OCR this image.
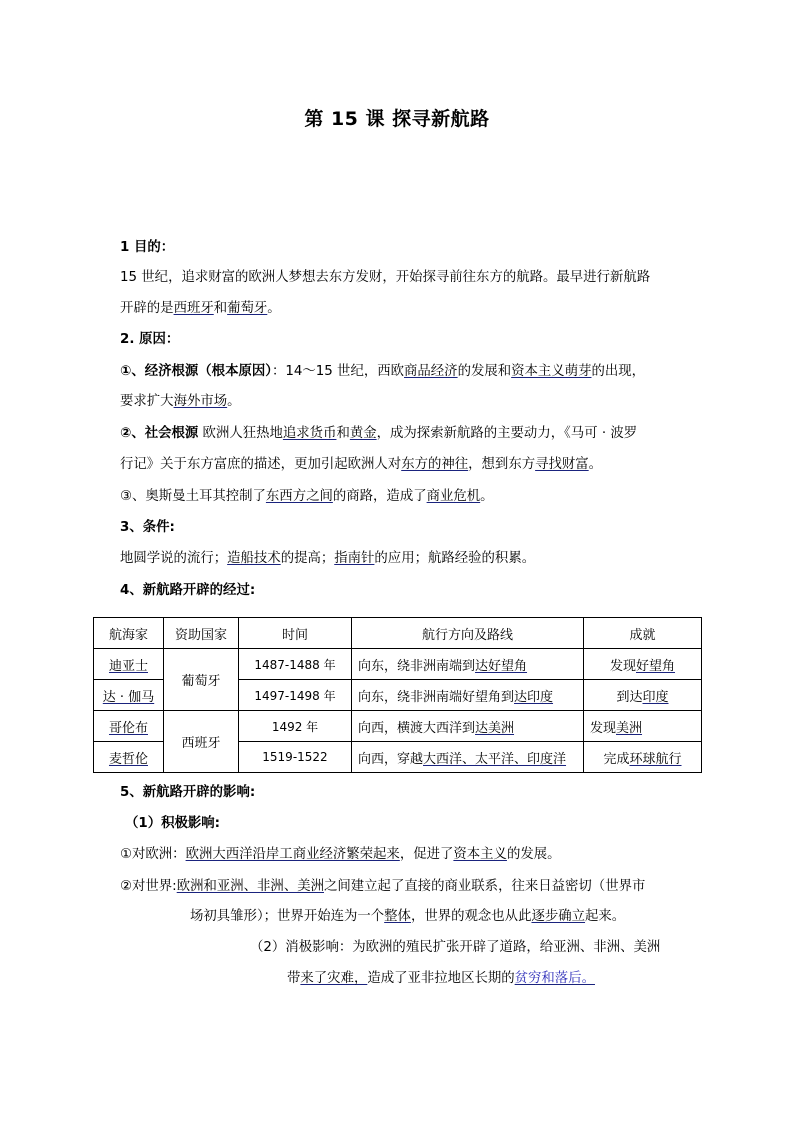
第 15 课 探寻新航路
1 目的：
15 世纪，追求财富的欧洲人梦想去东方发财，开始探寻前往东方的航路。最早进行新航路
开辟的是西班牙和葡萄牙。
2. 原因：
①、经济根源（根本原因）：14～15 世纪，西欧商品经济的发展和资本主义萌芽的出现，
要求扩大海外市场。
②、社会根源 欧洲人狂热地追求货币和黄金，成为探索新航路的主要动力，《马可 · 波罗
行记》关于东方富庶的描述，更加引起欧洲人对东方的神往，想到东方寻找财富。
③、奥斯曼土耳其控制了东西方之间的商路，造成了商业危机。
3、条件:
地圆学说的流行；造船技术的提高；指南针的应用；航路经验的积累。
4、新航路开辟的经过:
航海家	资助国家	时间	航行方向及路线	成就
迪亚士	葡萄牙	1487-1488 年	向东，绕非洲南端到达好望角	发现好望角
达 · 伽马		1497-1498 年	向东，绕非洲南端好望角到达印度	到达印度
哥伦布	西班牙	1492 年	向西，横渡大西洋到达美洲	发现美洲
麦哲伦		1519-1522	向西，穿越大西洋、太平洋、印度洋	完成环球航行
5、新航路开辟的影响:
（1）积极影响:
①对欧洲：欧洲大西洋沿岸工商业经济繁荣起来，促进了资本主义的发展。
②对世界:欧洲和亚洲、非洲、美洲之间建立起了直接的商业联系，往来日益密切（世界市
场初具雏形）；世界开始连为一个整体，世界的观念也从此逐步确立起来。
（2）消极影响：为欧洲的殖民扩张开辟了道路，给亚洲、非洲、美洲
带来了灾难，造成了亚非拉地区长期的贫穷和落后。
